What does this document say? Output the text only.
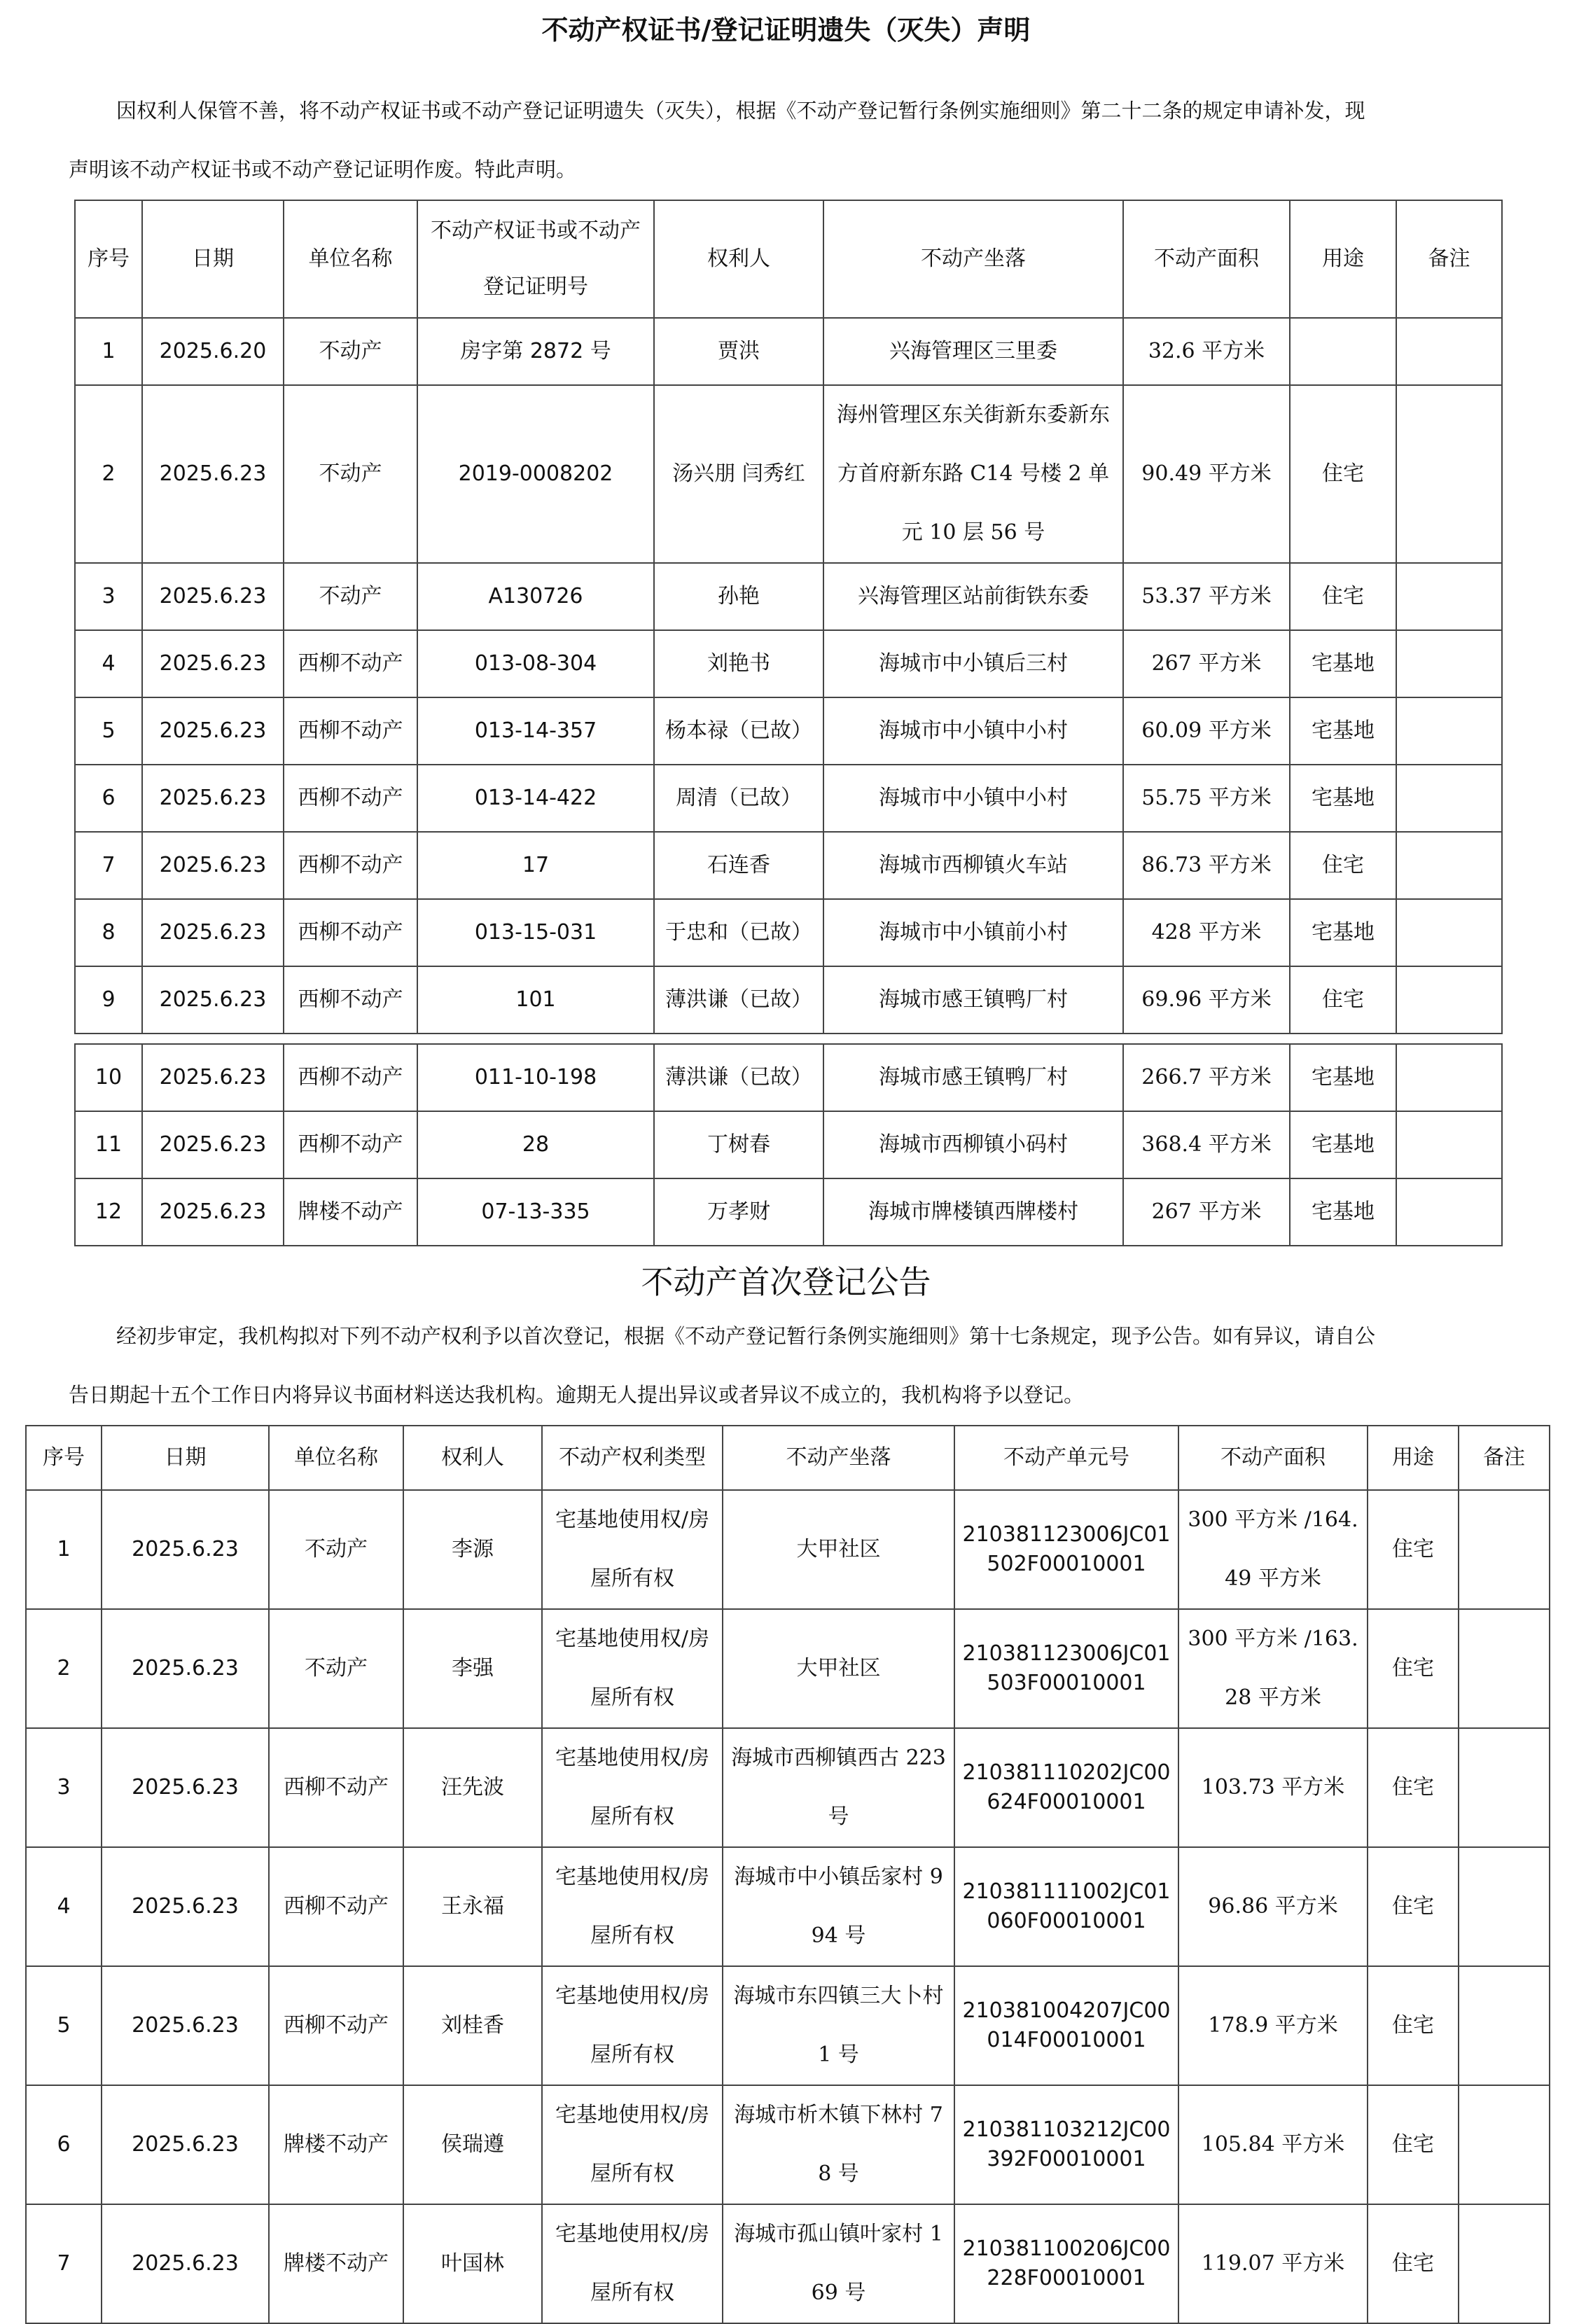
不动产权证书/登记证明遗失（灭失）声明

因权利人保管不善，将不动产权证书或不动产登记证明遗失（灭失），根据《不动产登记暂行条例实施细则》第二十二条的规定申请补发，现

声明该不动产权证书或不动产登记证明作废。特此声明。

序号	日期	单位名称	不动产权证书或不动产登记证明号	权利人	不动产坐落	不动产面积	用途	备注
1	2025.6.20	不动产	房字第 2872 号	贾洪	兴海管理区三里委	32.6 平方米		
2	2025.6.23	不动产	2019-0008202	汤兴朋 闫秀红	海州管理区东关街新东委新东方首府新东路 C14 号楼 2 单元 10 层 56 号	90.49 平方米	住宅	
3	2025.6.23	不动产	A130726	孙艳	兴海管理区站前街铁东委	53.37 平方米	住宅	
4	2025.6.23	西柳不动产	013-08-304	刘艳书	海城市中小镇后三村	267 平方米	宅基地	
5	2025.6.23	西柳不动产	013-14-357	杨本禄（已故）	海城市中小镇中小村	60.09 平方米	宅基地	
6	2025.6.23	西柳不动产	013-14-422	周清（已故）	海城市中小镇中小村	55.75 平方米	宅基地	
7	2025.6.23	西柳不动产	17	石连香	海城市西柳镇火车站	86.73 平方米	住宅	
8	2025.6.23	西柳不动产	013-15-031	于忠和（已故）	海城市中小镇前小村	428 平方米	宅基地	
9	2025.6.23	西柳不动产	101	薄洪谦（已故）	海城市感王镇鸭厂村	69.96 平方米	住宅	
10	2025.6.23	西柳不动产	011-10-198	薄洪谦（已故）	海城市感王镇鸭厂村	266.7 平方米	宅基地	
11	2025.6.23	西柳不动产	28	丁树春	海城市西柳镇小码村	368.4 平方米	宅基地	
12	2025.6.23	牌楼不动产	07-13-335	万孝财	海城市牌楼镇西牌楼村	267 平方米	宅基地	
不动产首次登记公告

经初步审定，我机构拟对下列不动产权利予以首次登记，根据《不动产登记暂行条例实施细则》第十七条规定，现予公告。如有异议，请自公

告日期起十五个工作日内将异议书面材料送达我机构。逾期无人提出异议或者异议不成立的，我机构将予以登记。

序号	日期	单位名称	权利人	不动产权利类型	不动产坐落	不动产单元号	不动产面积	用途	备注
1	2025.6.23	不动产	李源	宅基地使用权/房屋所有权	大甲社区	210381123006JC01502F00010001	300 平方米 /164.49 平方米	住宅	
2	2025.6.23	不动产	李强	宅基地使用权/房屋所有权	大甲社区	210381123006JC01503F00010001	300 平方米 /163.28 平方米	住宅	
3	2025.6.23	西柳不动产	汪先波	宅基地使用权/房屋所有权	海城市西柳镇西古 223 号	210381110202JC00624F00010001	103.73 平方米	住宅	
4	2025.6.23	西柳不动产	王永福	宅基地使用权/房屋所有权	海城市中小镇岳家村 994 号	210381111002JC01060F00010001	96.86 平方米	住宅	
5	2025.6.23	西柳不动产	刘桂香	宅基地使用权/房屋所有权	海城市东四镇三大卜村 1 号	210381004207JC00014F00010001	178.9 平方米	住宅	
6	2025.6.23	牌楼不动产	侯瑞遵	宅基地使用权/房屋所有权	海城市析木镇下林村 78 号	210381103212JC00392F00010001	105.84 平方米	住宅	
7	2025.6.23	牌楼不动产	叶国林	宅基地使用权/房屋所有权	海城市孤山镇叶家村 169 号	210381100206JC00228F00010001	119.07 平方米	住宅	
